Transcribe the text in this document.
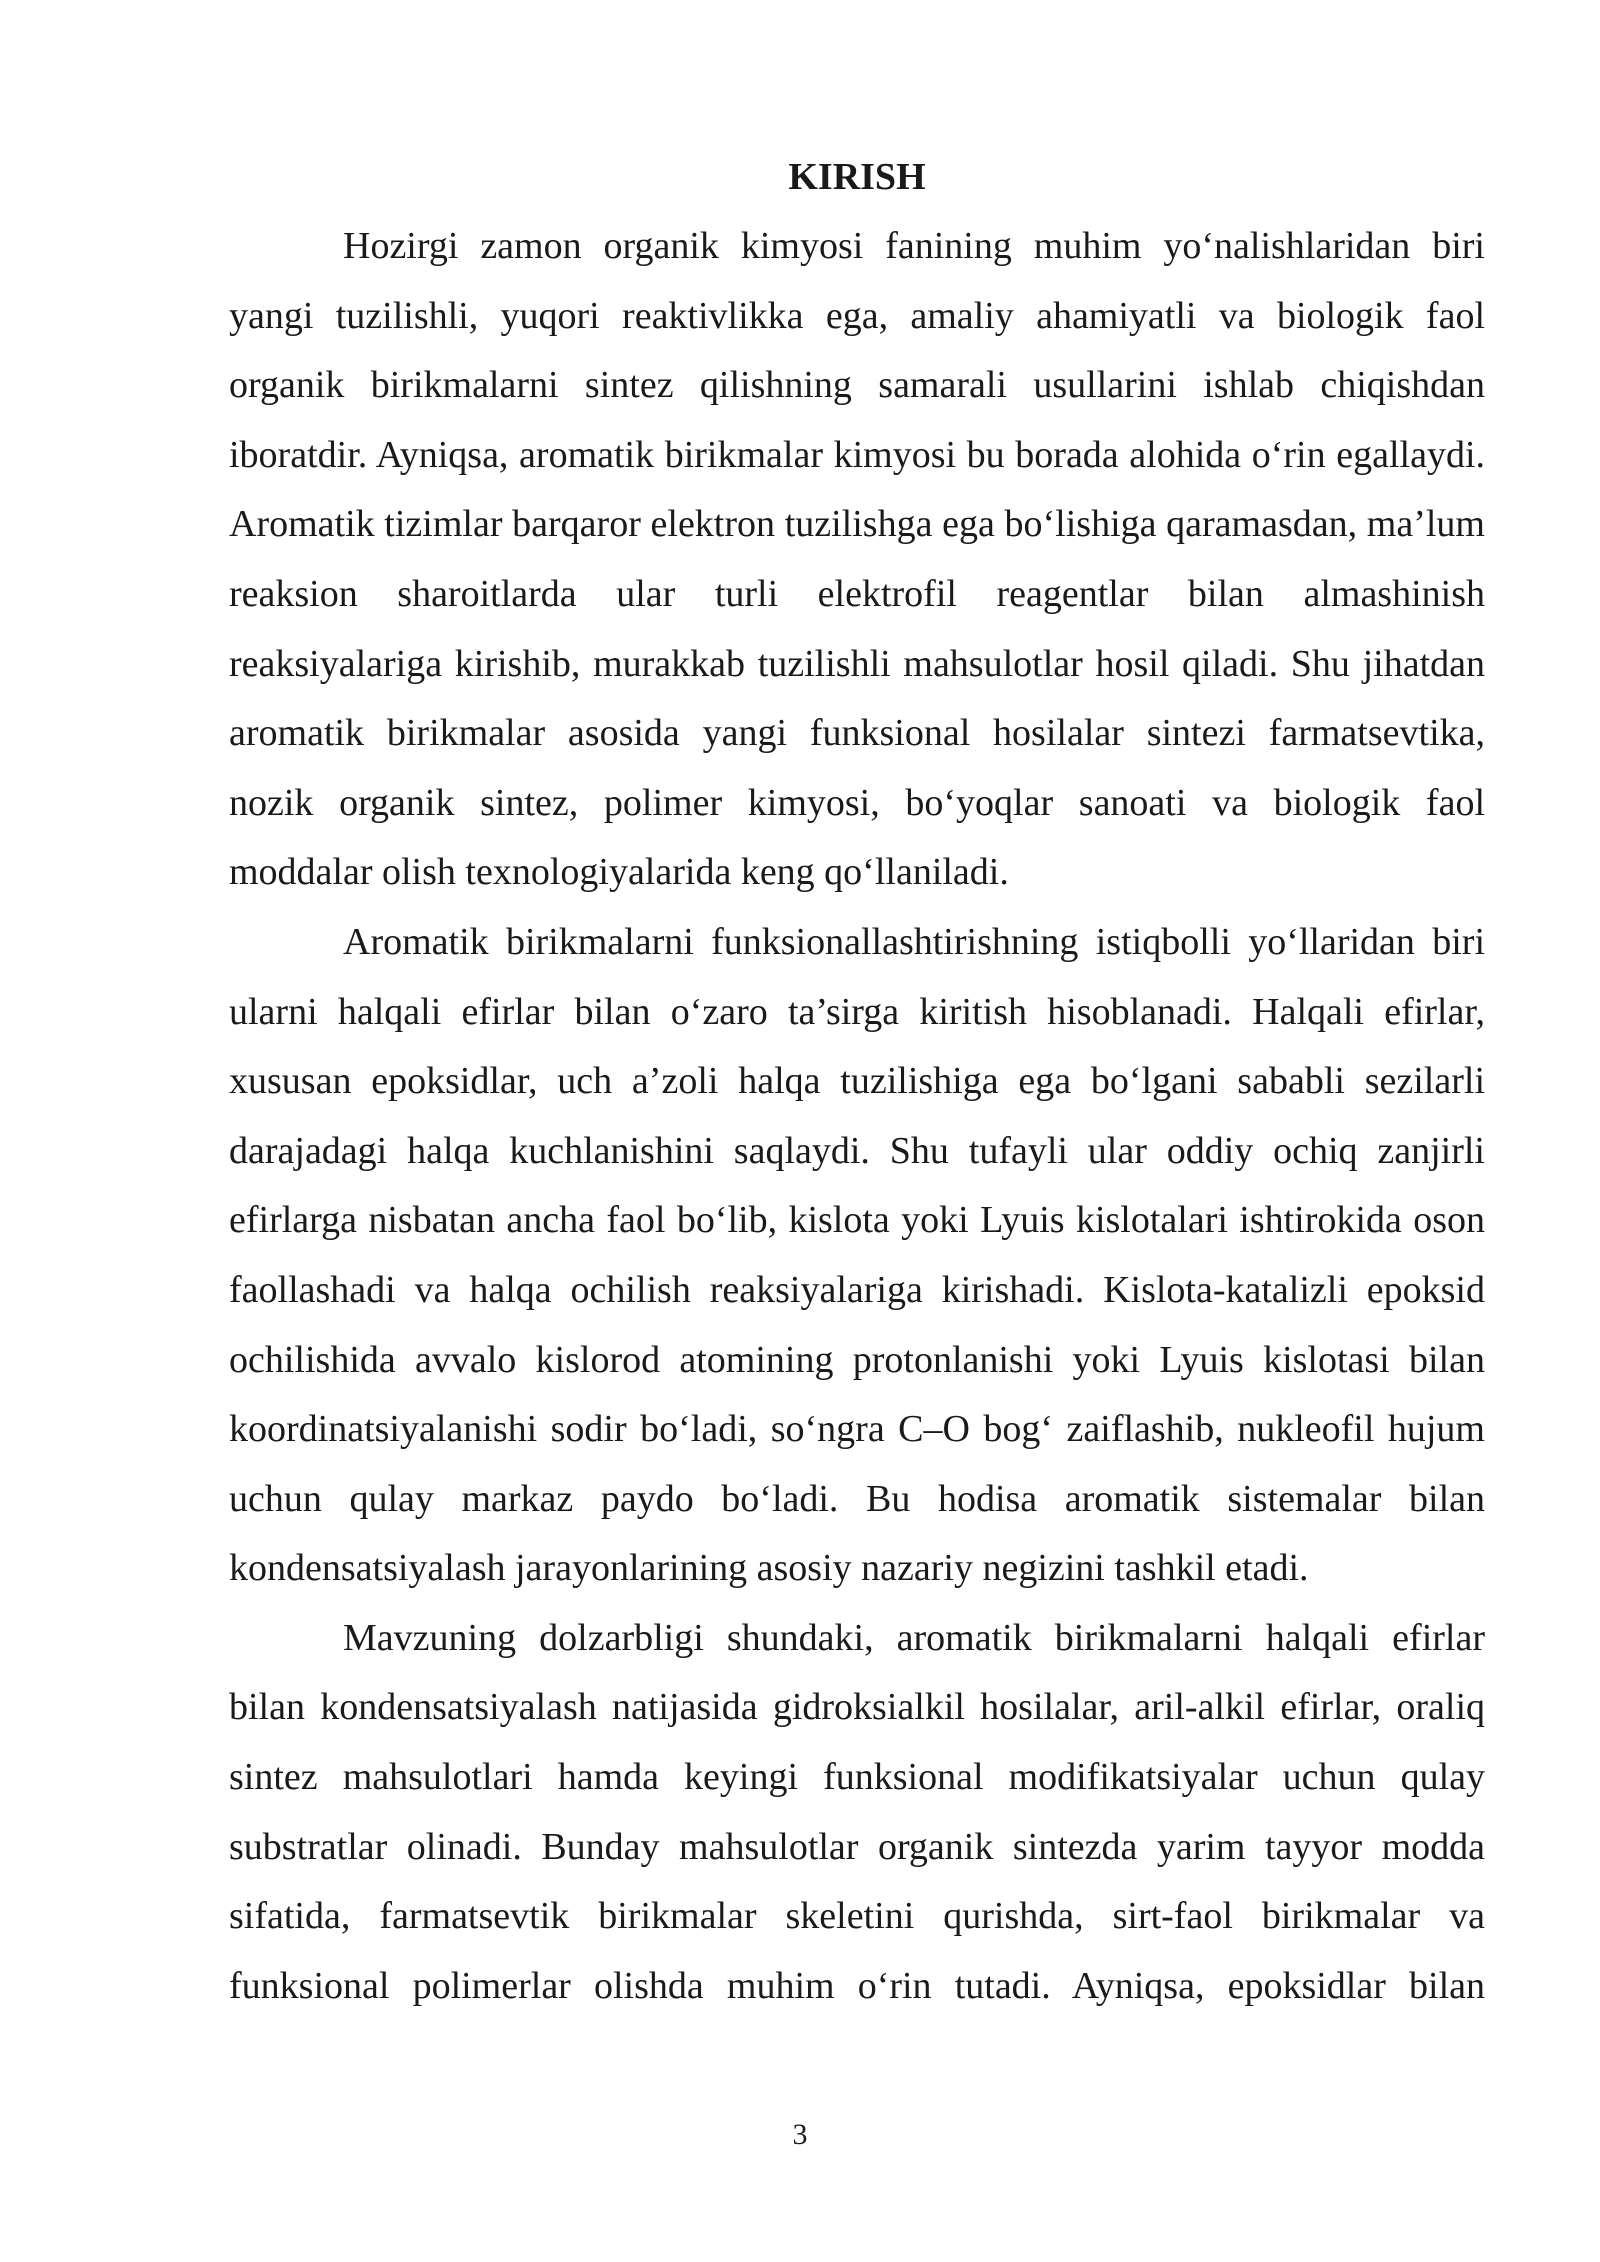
KIRISH

Hozirgi zamon organik kimyosi fanining muhim yo‘nalishlaridan biri yangi tuzilishli, yuqori reaktivlikka ega, amaliy ahamiyatli va biologik faol organik birikmalarni sintez qilishning samarali usullarini ishlab chiqishdan iboratdir. Ayniqsa, aromatik birikmalar kimyosi bu borada alohida o‘rin egallaydi. Aromatik tizimlar barqaror elektron tuzilishga ega bo‘lishiga qaramasdan, ma’lum reaksion sharoitlarda ular turli elektrofil reagentlar bilan almashinish reaksiyalariga kirishib, murakkab tuzilishli mahsulotlar hosil qiladi. Shu jihatdan aromatik birikmalar asosida yangi funksional hosilalar sintezi farmatsevtika, nozik organik sintez, polimer kimyosi, bo‘yoqlar sanoati va biologik faol moddalar olish texnologiyalarida keng qo‘llaniladi.

Aromatik birikmalarni funksionallashtirishning istiqbolli yo‘llaridan biri ularni halqali efirlar bilan o‘zaro ta’sirga kiritish hisoblanadi. Halqali efirlar, xususan epoksidlar, uch a’zoli halqa tuzilishiga ega bo‘lgani sababli sezilarli darajadagi halqa kuchlanishini saqlaydi. Shu tufayli ular oddiy ochiq zanjirli efirlarga nisbatan ancha faol bo‘lib, kislota yoki Lyuis kislotalari ishtirokida oson faollashadi va halqa ochilish reaksiyalariga kirishadi. Kislota-katalizli epoksid ochilishida avvalo kislorod atomining protonlanishi yoki Lyuis kislotasi bilan koordinatsiyalanishi sodir bo‘ladi, so‘ngra C–O bog‘ zaiflashib, nukleofil hujum uchun qulay markaz paydo bo‘ladi. Bu hodisa aromatik sistemalar bilan kondensatsiyalash jarayonlarining asosiy nazariy negizini tashkil etadi.

Mavzuning dolzarbligi shundaki, aromatik birikmalarni halqali efirlar bilan kondensatsiyalash natijasida gidroksialkil hosilalar, aril-alkil efirlar, oraliq sintez mahsulotlari hamda keyingi funksional modifikatsiyalar uchun qulay substratlar olinadi. Bunday mahsulotlar organik sintezda yarim tayyor modda sifatida, farmatsevtik birikmalar skeletini qurishda, sirt-faol birikmalar va funksional polimerlar olishda muhim o‘rin tutadi. Ayniqsa, epoksidlar bilan

3
